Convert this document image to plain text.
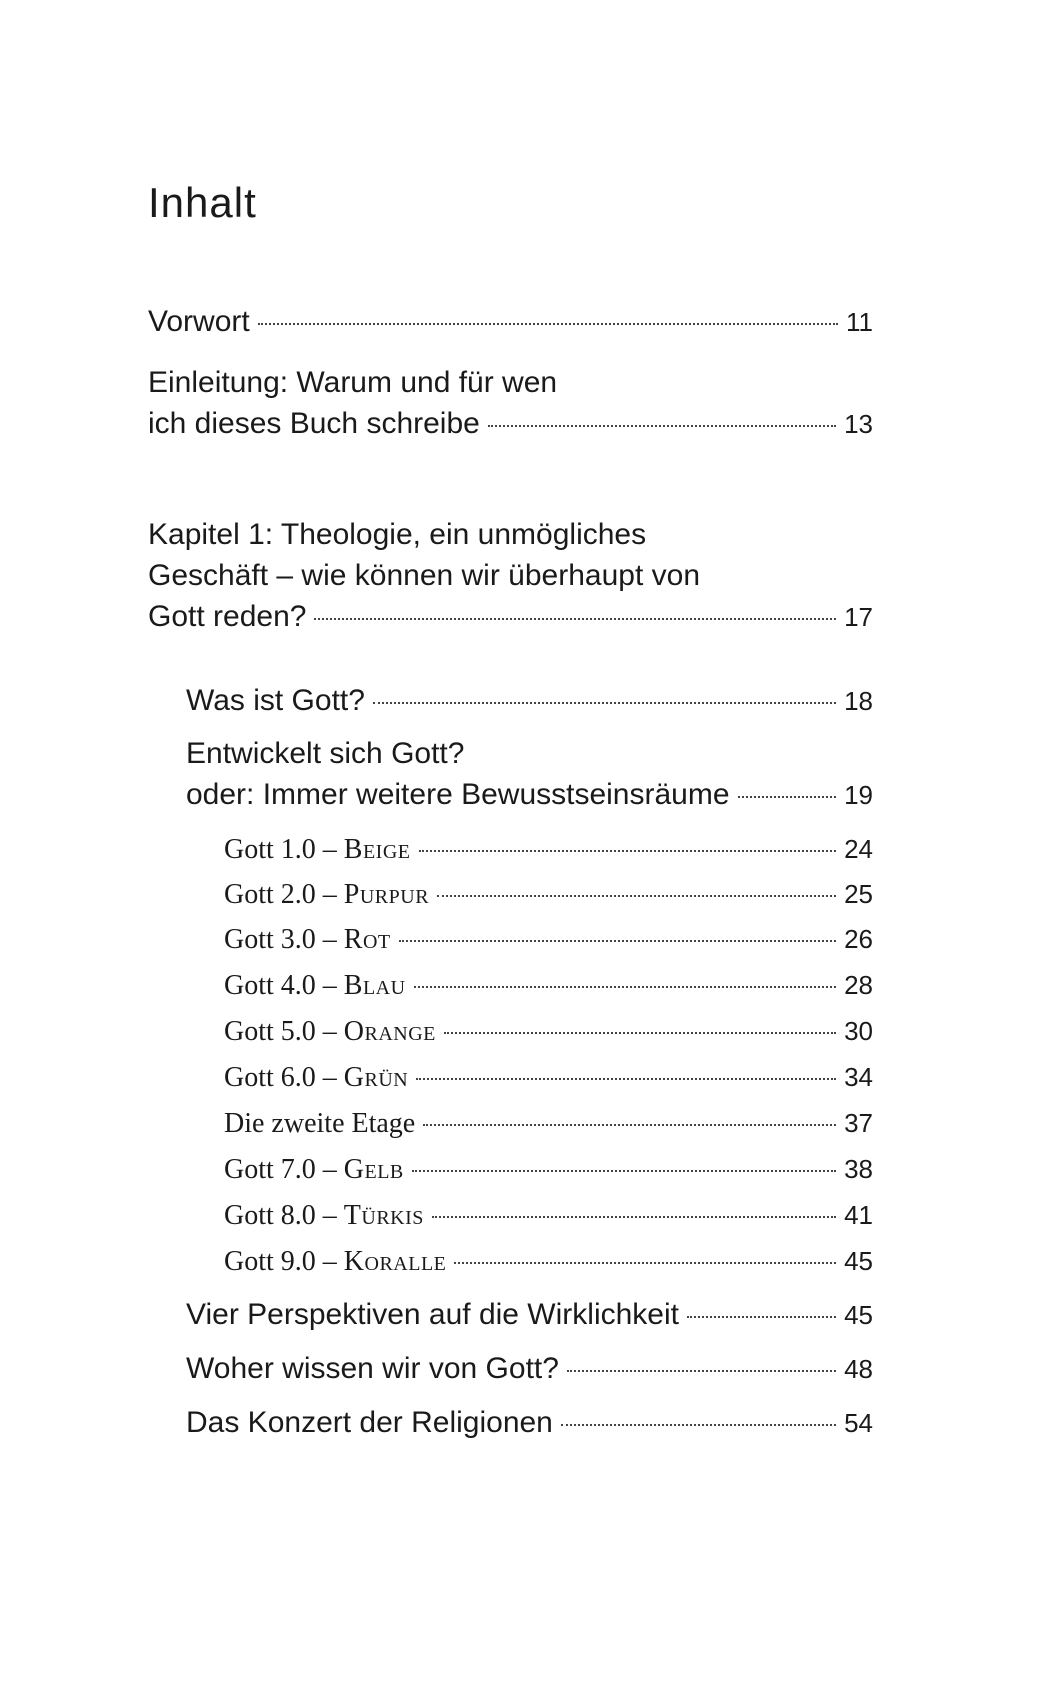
Inhalt
Vorwort	11
Einleitung: Warum und für wen
ich dieses Buch schreibe	13
Kapitel 1: Theologie, ein unmögliches
Geschäft – wie können wir überhaupt von
Gott reden?	17
Was ist Gott?	18
Entwickelt sich Gott?
oder: Immer weitere Bewusstseinsräume	19
Gott 1.0 – Beige	24
Gott 2.0 – Purpur	25
Gott 3.0 – Rot	26
Gott 4.0 – Blau	28
Gott 5.0 – Orange	30
Gott 6.0 – Grün	34
Die zweite Etage	37
Gott 7.0 – Gelb	38
Gott 8.0 – Türkis	41
Gott 9.0 – Koralle	45
Vier Perspektiven auf die Wirklichkeit	45
Woher wissen wir von Gott?	48
Das Konzert der Religionen	54
